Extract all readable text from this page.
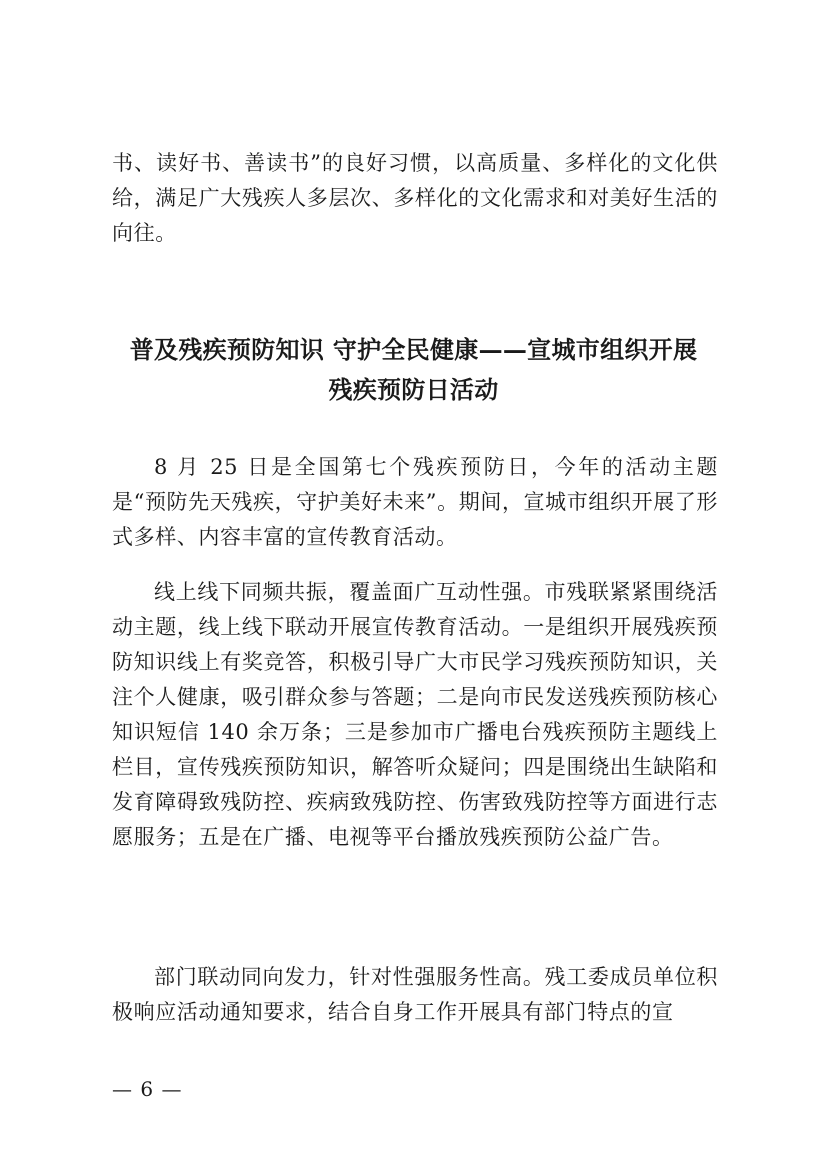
书、读好书、善读书”的良好习惯，以高质量、多样化的文化供给，满足广大残疾人多层次、多样化的文化需求和对美好生活的向往。

普及残疾预防知识 守护全民健康——宣城市组织开展
残疾预防日活动

8 月 25 日是全国第七个残疾预防日，今年的活动主题是“预防先天残疾，守护美好未来”。期间，宣城市组织开展了形式多样、内容丰富的宣传教育活动。

线上线下同频共振，覆盖面广互动性强。市残联紧紧围绕活动主题，线上线下联动开展宣传教育活动。一是组织开展残疾预防知识线上有奖竞答，积极引导广大市民学习残疾预防知识，关注个人健康，吸引群众参与答题；二是向市民发送残疾预防核心知识短信 140 余万条；三是参加市广播电台残疾预防主题线上栏目，宣传残疾预防知识，解答听众疑问；四是围绕出生缺陷和发育障碍致残防控、疾病致残防控、伤害致残防控等方面进行志愿服务；五是在广播、电视等平台播放残疾预防公益广告。

部门联动同向发力，针对性强服务性高。残工委成员单位积极响应活动通知要求，结合自身工作开展具有部门特点的宣

— 6 —
